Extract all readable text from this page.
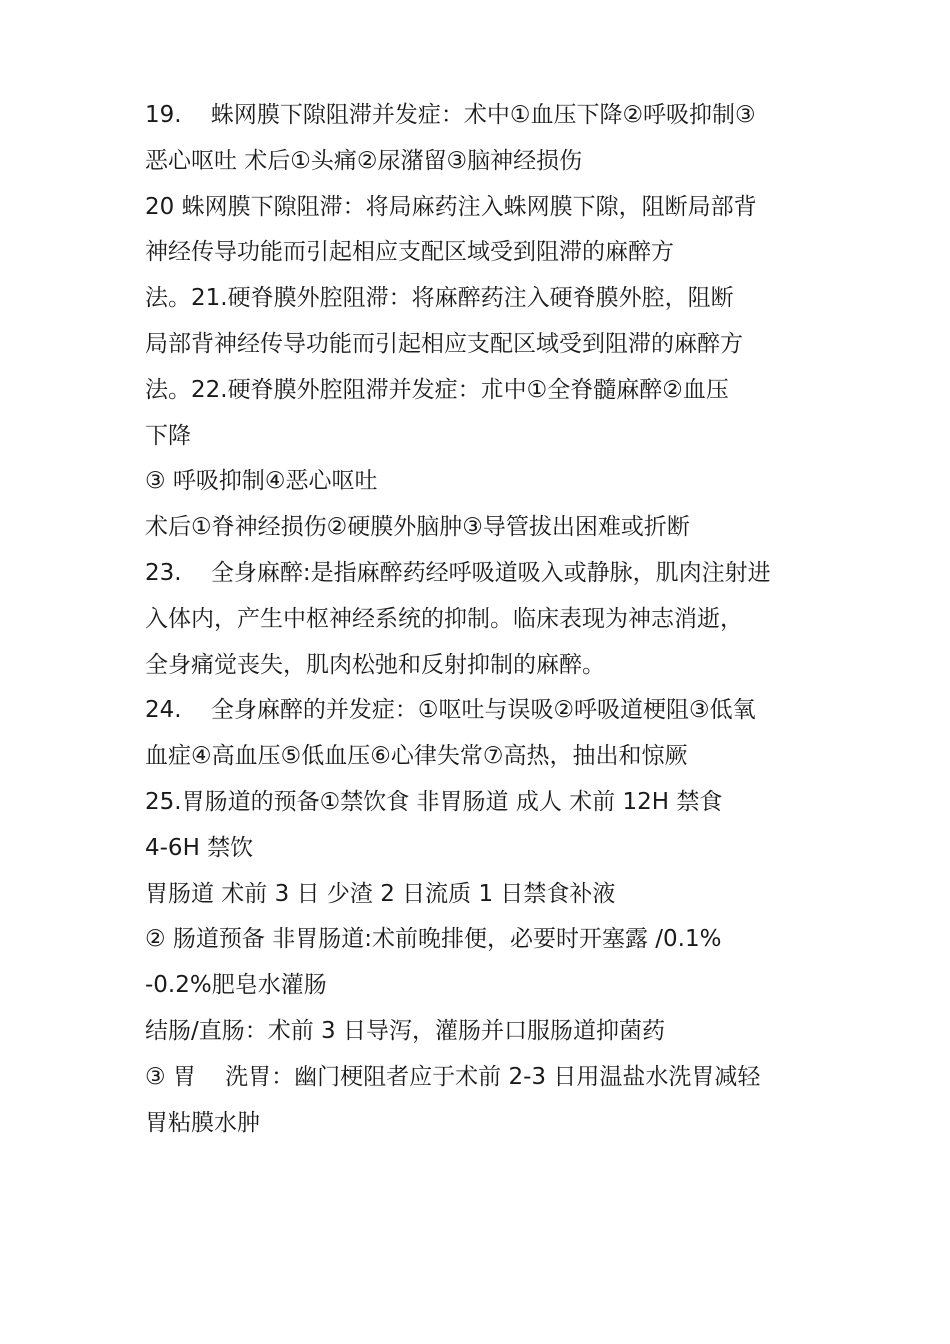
19.    蛛网膜下隙阻滞并发症：术中①血压下降②呼吸抑制③
恶心呕吐 术后①头痛②尿潴留③脑神经损伤
20 蛛网膜下隙阻滞：将局麻药注入蛛网膜下隙，阻断局部背
神经传导功能而引起相应支配区域受到阻滞的麻醉方
法。21.硬脊膜外腔阻滞：将麻醉药注入硬脊膜外腔，阻断
局部背神经传导功能而引起相应支配区域受到阻滞的麻醉方
法。22.硬脊膜外腔阻滞并发症：朮中①全脊髓麻醉②血压
下降
③ 呼吸抑制④恶心呕吐
术后①脊神经损伤②硬膜外脑肿③导管拔出困难或折断
23.    全身麻醉:是指麻醉药经呼吸道吸入或静脉，肌肉注射进
入体内，产生中枢神经系统的抑制。临床表现为神志消逝，
全身痛觉丧失，肌肉松弛和反射抑制的麻醉。
24.    全身麻醉的并发症：①呕吐与误吸②呼吸道梗阻③低氧
血症④高血压⑤低血压⑥心律失常⑦高热，抽出和惊厥
25.胃肠道的预备①禁饮食 非胃肠道 成人 术前 12H 禁食
4-6H 禁饮
胃肠道 术前 3 日 少渣 2 日流质 1 日禁食补液
② 肠道预备 非胃肠道:术前晚排便，必要时开塞露 /0.1%
-0.2%肥皂水灌肠
结肠/直肠：术前 3 日导泻，灌肠并口服肠道抑菌药
③ 胃    洗胃：幽门梗阻者应于术前 2-3 日用温盐水洗胃减轻
胃粘膜水肿
